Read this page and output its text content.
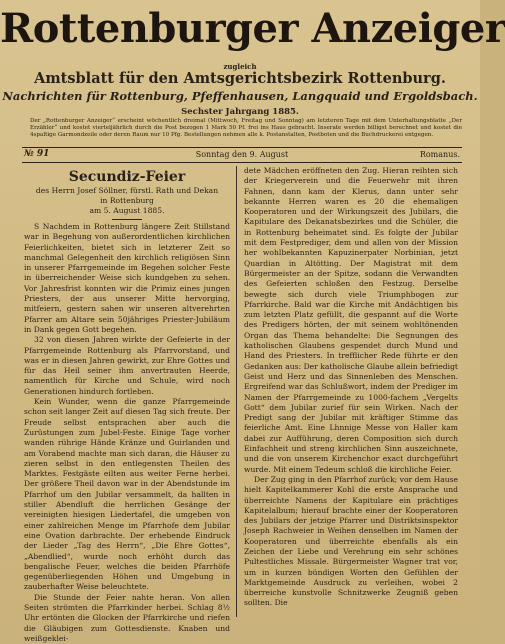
Rottenburger Anzeiger
zugleich
Amtsblatt für den Amtsgerichtsbezirk Rottenburg.
Nachrichten für Rottenburg, Pfeffenhausen, Langquaid und Ergoldsbach.
Sechster Jahrgang 1885.
Der „Rottenburger Anzeiger“ erscheint wöchentlich dreimal (Mittwoch, Freitag und Sonntag) am letzteren Tage mit dem Unterhaltungsblatte „Der Erzähler“ und kostet vierteljährlich durch die Post bezogen 1 Mark 50 Pf. frei ins Haus gebracht. Inserate werden billigst berechnet und kostet die 4spaltige Garmondzeile oder deren Raum nur 10 Pfg. Bestellungen nehmen alle k. Postanstalten, Postboten und die Buchdruckerei entgegen.
№ 91	Sonntag den 9. August	Romanus.
Secundiz-Feier
des Herrn Josef Söllner, fürstl. Rath und Dekan
in Rottenburg
am 5. August 1885.

S Nachdem in Rottenburg längere Zeit Stillstand war in Begehung von außerordentlichen kirchlichen Feierlichkeiten, bietet sich in letzterer Zeit so manchmal Gelegenheit den kirchlich religiösen Sinn in unserer Pfarrgemeinde im Begehen solcher Feste in überreichender Weise sich kundgeben zu sehen. Vor Jahresfrist konnten wir die Primiz eines jungen Priesters, der aus unserer Mitte hervorging, mitfeiern, gestern sahen wir unseren altverehrten Pfarrer am Altare sein 50jähriges Priester-Jubiläum in Dank gegen Gott begehen.

32 von diesen Jahren wirkte der Gefeierte in der Pfarrgemeinde Rottenburg als Pfarrvorstand, und was er in diesen Jahren gewirkt, zur Ehre Gottes und für das Heil seiner ihm anvertrauten Heerde, namentlich für Kirche und Schule, wird noch Generationen hindurch fortleben.

Kein Wunder, wenn die ganze Pfarrgemeinde schon seit langer Zeit auf diesen Tag sich freute. Der Freude selbst entsprachen aber auch die Zurüstungen zum Jubel-Feste. Einige Tage vorher wanden rührige Hände Kränze und Guirlanden und am Vorabend machte man sich daran, die Häuser zu zieren selbst in den entlegensten Theilen des Marktes. Festgäste eilten aus weiter Ferne herbei. Der größere Theil davon war in der Abendstunde im Pfarrhof um den Jubilar versammelt, da hallten in stiller Abendluft die herrlichen Gesänge der vereinigten hiesigen Liedertafel, die umgeben von einer zahlreichen Menge im Pfarrhofe dem Jubilar eine Ovation darbrachte. Der erhebende Eindruck der Lieder „Tag des Herrn“, „Die Ehre Gottes“, „Abendlied“, wurde noch erhöht durch das bengalische Feuer, welches die beiden Pfarrhöfe gegenüberliegenden Höhen und Umgebung in zauberhafter Weise beleuchtete.

Die Stunde der Feier nahte heran. Von allen Seiten strömten die Pfarrkinder herbei. Schlag 8½ Uhr ertönten die Glocken der Pfarrkirche und riefen die Gläubigen zum Gottesdienste. Knaben und weißgeklei-

dete Mädchen eröffneten den Zug. Hieran reihten sich der Kriegerverein und die Feuerwehr mit ihren Fahnen, dann kam der Klerus, dann unter sehr bekannte Herren waren es 20 die ehemaligen Kooperatoren und der Wirkungszeit des Jubilars, die Kapitulare des Dekanatsbezirkes und die Schüler, die in Rottenburg beheimatet sind. Es folgte der Jubilar mit dem Festprediger, dem und allen von der Mission her wohlbekannten Kapuzinerpater Norbinian, jetzt Quardian in Altötting. Der Magistrat mit dem Bürgermeister an der Spitze, sodann die Verwandten des Gefeierten schloßen den Festzug. Derselbe bewegte sich durch viele Triumphbogen zur Pfarrkirche. Bald war die Kirche mit Andächtigen bis zum letzten Platz gefüllt, die gespannt auf die Worte des Predigers hörten, der mit seinem wohltönenden Organ das Thema behandelte: Die Segnungen des katholischen Glaubens gespendet durch Mund und Hand des Priesters. In trefflicher Rede führte er den Gedanken aus: Der katholische Glaube allein befriedigt Geist und Herz und das Sinnenleben des Menschen. Ergreifend war das Schlußwort, indem der Prediger im Namen der Pfarrgemeinde zu 1000-fachem „Vergelts Gott“ dem Jubilar zurief für sein Wirken. Nach der Predigt sang der Jubilar mit kräftiger Stimme das feierliche Amt. Eine Lhnnige Messe von Haller kam dabei zur Aufführung, deren Composition sich durch Einfachheit und streng kirchlichen Sinn auszeichnete, und die von unserem Kirchenchor exact durchgeführt wurde. Mit einem Tedeum schloß die kirchliche Feier.

Der Zug ging in den Pfarrhof zurück; vor dem Hause hielt Kapitelkammerer Kohl die erste Ansprache und überreichte Namens der Kapitulare ein prächtiges Kapitelalbum; hierauf brachte einer der Kooperatoren des Jubilars der jetzige Pfarrer und Distriktsinspektor Joseph Rachweier in Weihen denselben im Namen der Kooperatoren und überreichte ebenfalls als ein Zeichen der Liebe und Verehrung ein sehr schönes Pultestliches Missale. Bürgermeister Wagner trat vor, um in kurzen bündigen Worten den Gefühlen der Marktgemeinde Ausdruck zu verleihen, wobei 2 überreiche kunstvolle Schnitzwerke Zeugniß geben sollten. Die
